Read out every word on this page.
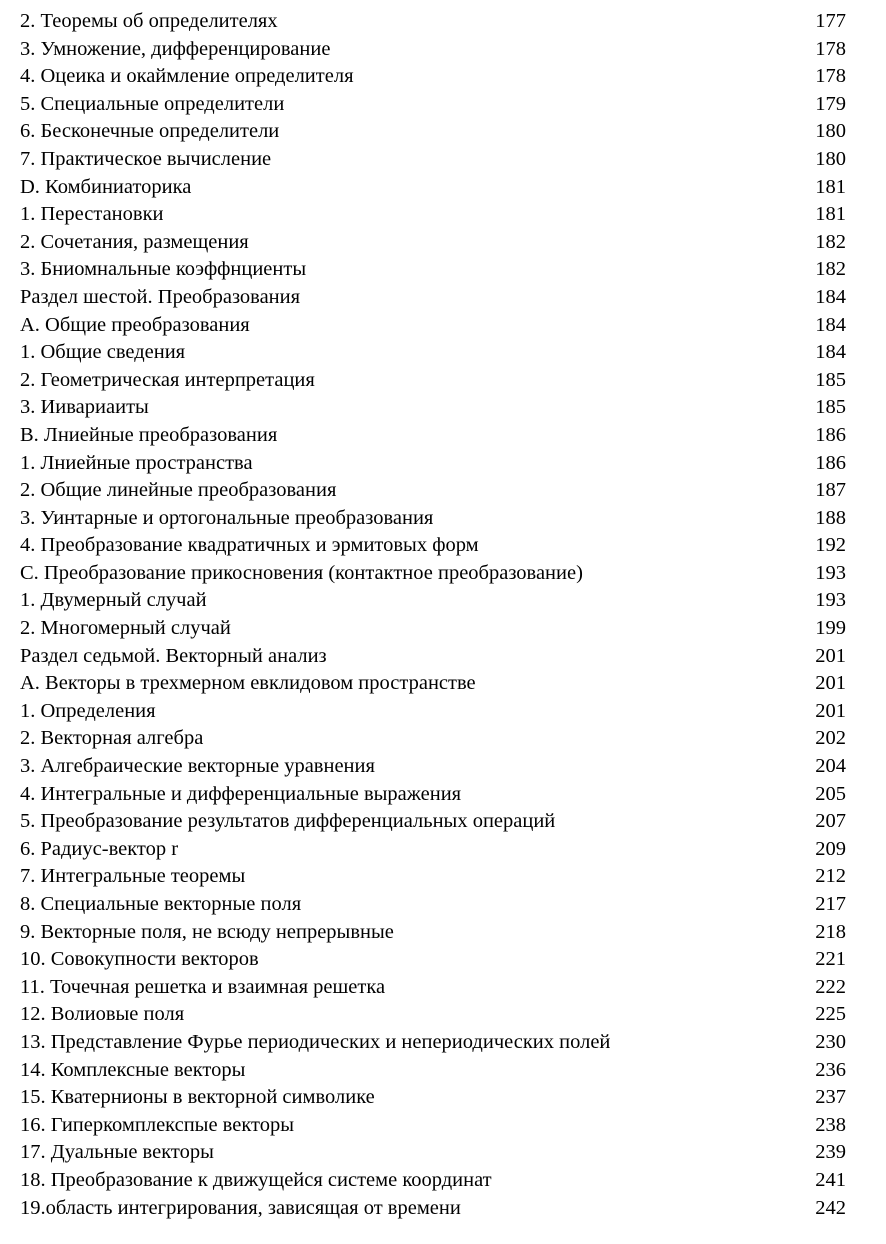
2. Теоремы об определителях	177
3. Умножение, дифференцирование	178
4. Оцеика и окаймление определителя	178
5. Специальные определители	179
6. Бесконечные определители	180
7. Практическое вычисление	180
D. Комбиниаторика	181
1. Перестановки	181
2. Сочетания, размещения	182
3. Бниомнальные коэффнциенты	182
Раздел шестой. Преобразования	184
А. Общие преобразования	184
1. Общие сведения	184
2. Геометрическая интерпретация	185
3. Иивариаиты	185
В. Лниейные преобразования	186
1. Лниейные пространства	186
2. Общие линейные преобразования	187
3. Уинтарные и ортогональные преобразования	188
4. Преобразование квадратичных и эрмитовых форм	192
С. Преобразование прикосновения (контактное преобразование)	193
1. Двумерный случай	193
2. Многомерный случай	199
Раздел седьмой. Векторный анализ	201
А. Векторы в трехмерном евклидовом пространстве	201
1. Определения	201
2. Векторная алгебра	202
3. Алгебраические векторные уравнения	204
4. Интегральные и дифференциальные выражения	205
5. Преобразование результатов дифференциальных операций	207
6. Радиус-вектор r	209
7. Интегральные теоремы	212
8. Специальные векторные поля	217
9. Векторные поля, не всюду непрерывные	218
10. Совокупности векторов	221
11. Точечная решетка и взаимная решетка	222
12. Волиовые поля	225
13. Представление Фурье периодических и непериодических полей	230
14. Комплексные векторы	236
15. Кватернионы в векторной символике	237
16. Гиперкомплекспые векторы	238
17. Дуальные векторы	239
18. Преобразование к движущейся системе координат	241
19.область интегрирования, зависящая от времени	242
